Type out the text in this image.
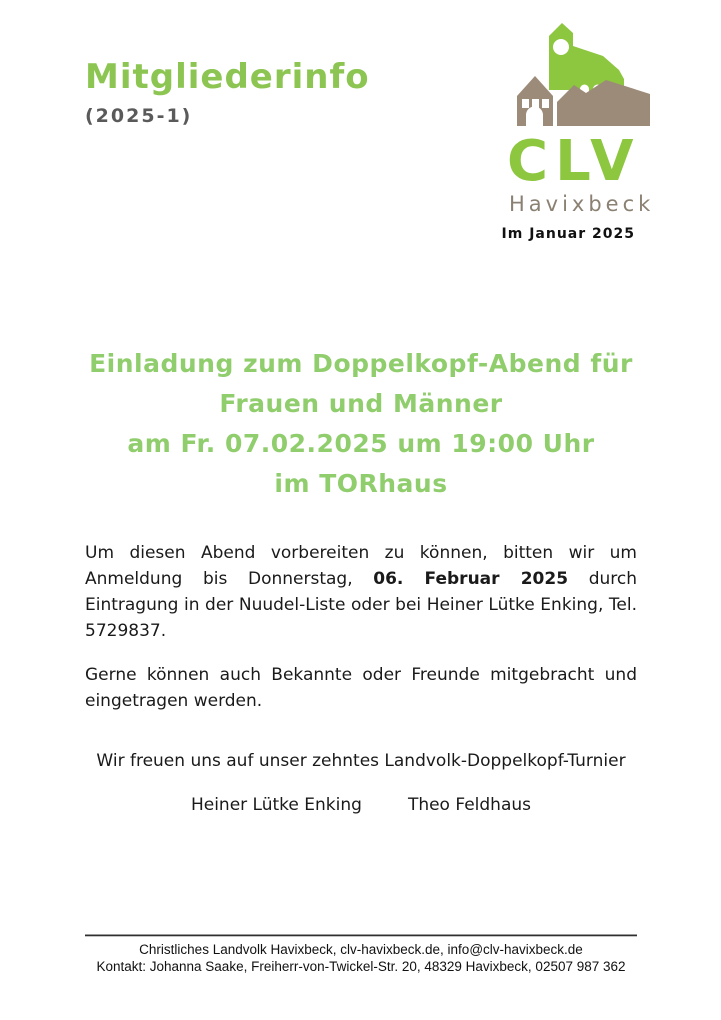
Mitgliederinfo
(2025-1)
CLV
Havixbeck
Im Januar 2025
Einladung zum Doppelkopf-Abend für
Frauen und Männer
am Fr. 07.02.2025 um 19:00 Uhr
im TORhaus

Um diesen Abend vorbereiten zu können, bitten wir um Anmeldung bis Donnerstag, 06. Februar 2025 durch Eintragung in der Nuudel-Liste oder bei Heiner Lütke Enking, Tel. 5729837.

Gerne können auch Bekannte oder Freunde mitgebracht und eingetragen werden.

Wir freuen uns auf unser zehntes Landvolk-Doppelkopf-Turnier

Heiner Lütke Enking	Theo Feldhaus
Christliches Landvolk Havixbeck, clv-havixbeck.de, info@clv-havixbeck.de
Kontakt: Johanna Saake, Freiherr-von-Twickel-Str. 20, 48329 Havixbeck, 02507 987 362
